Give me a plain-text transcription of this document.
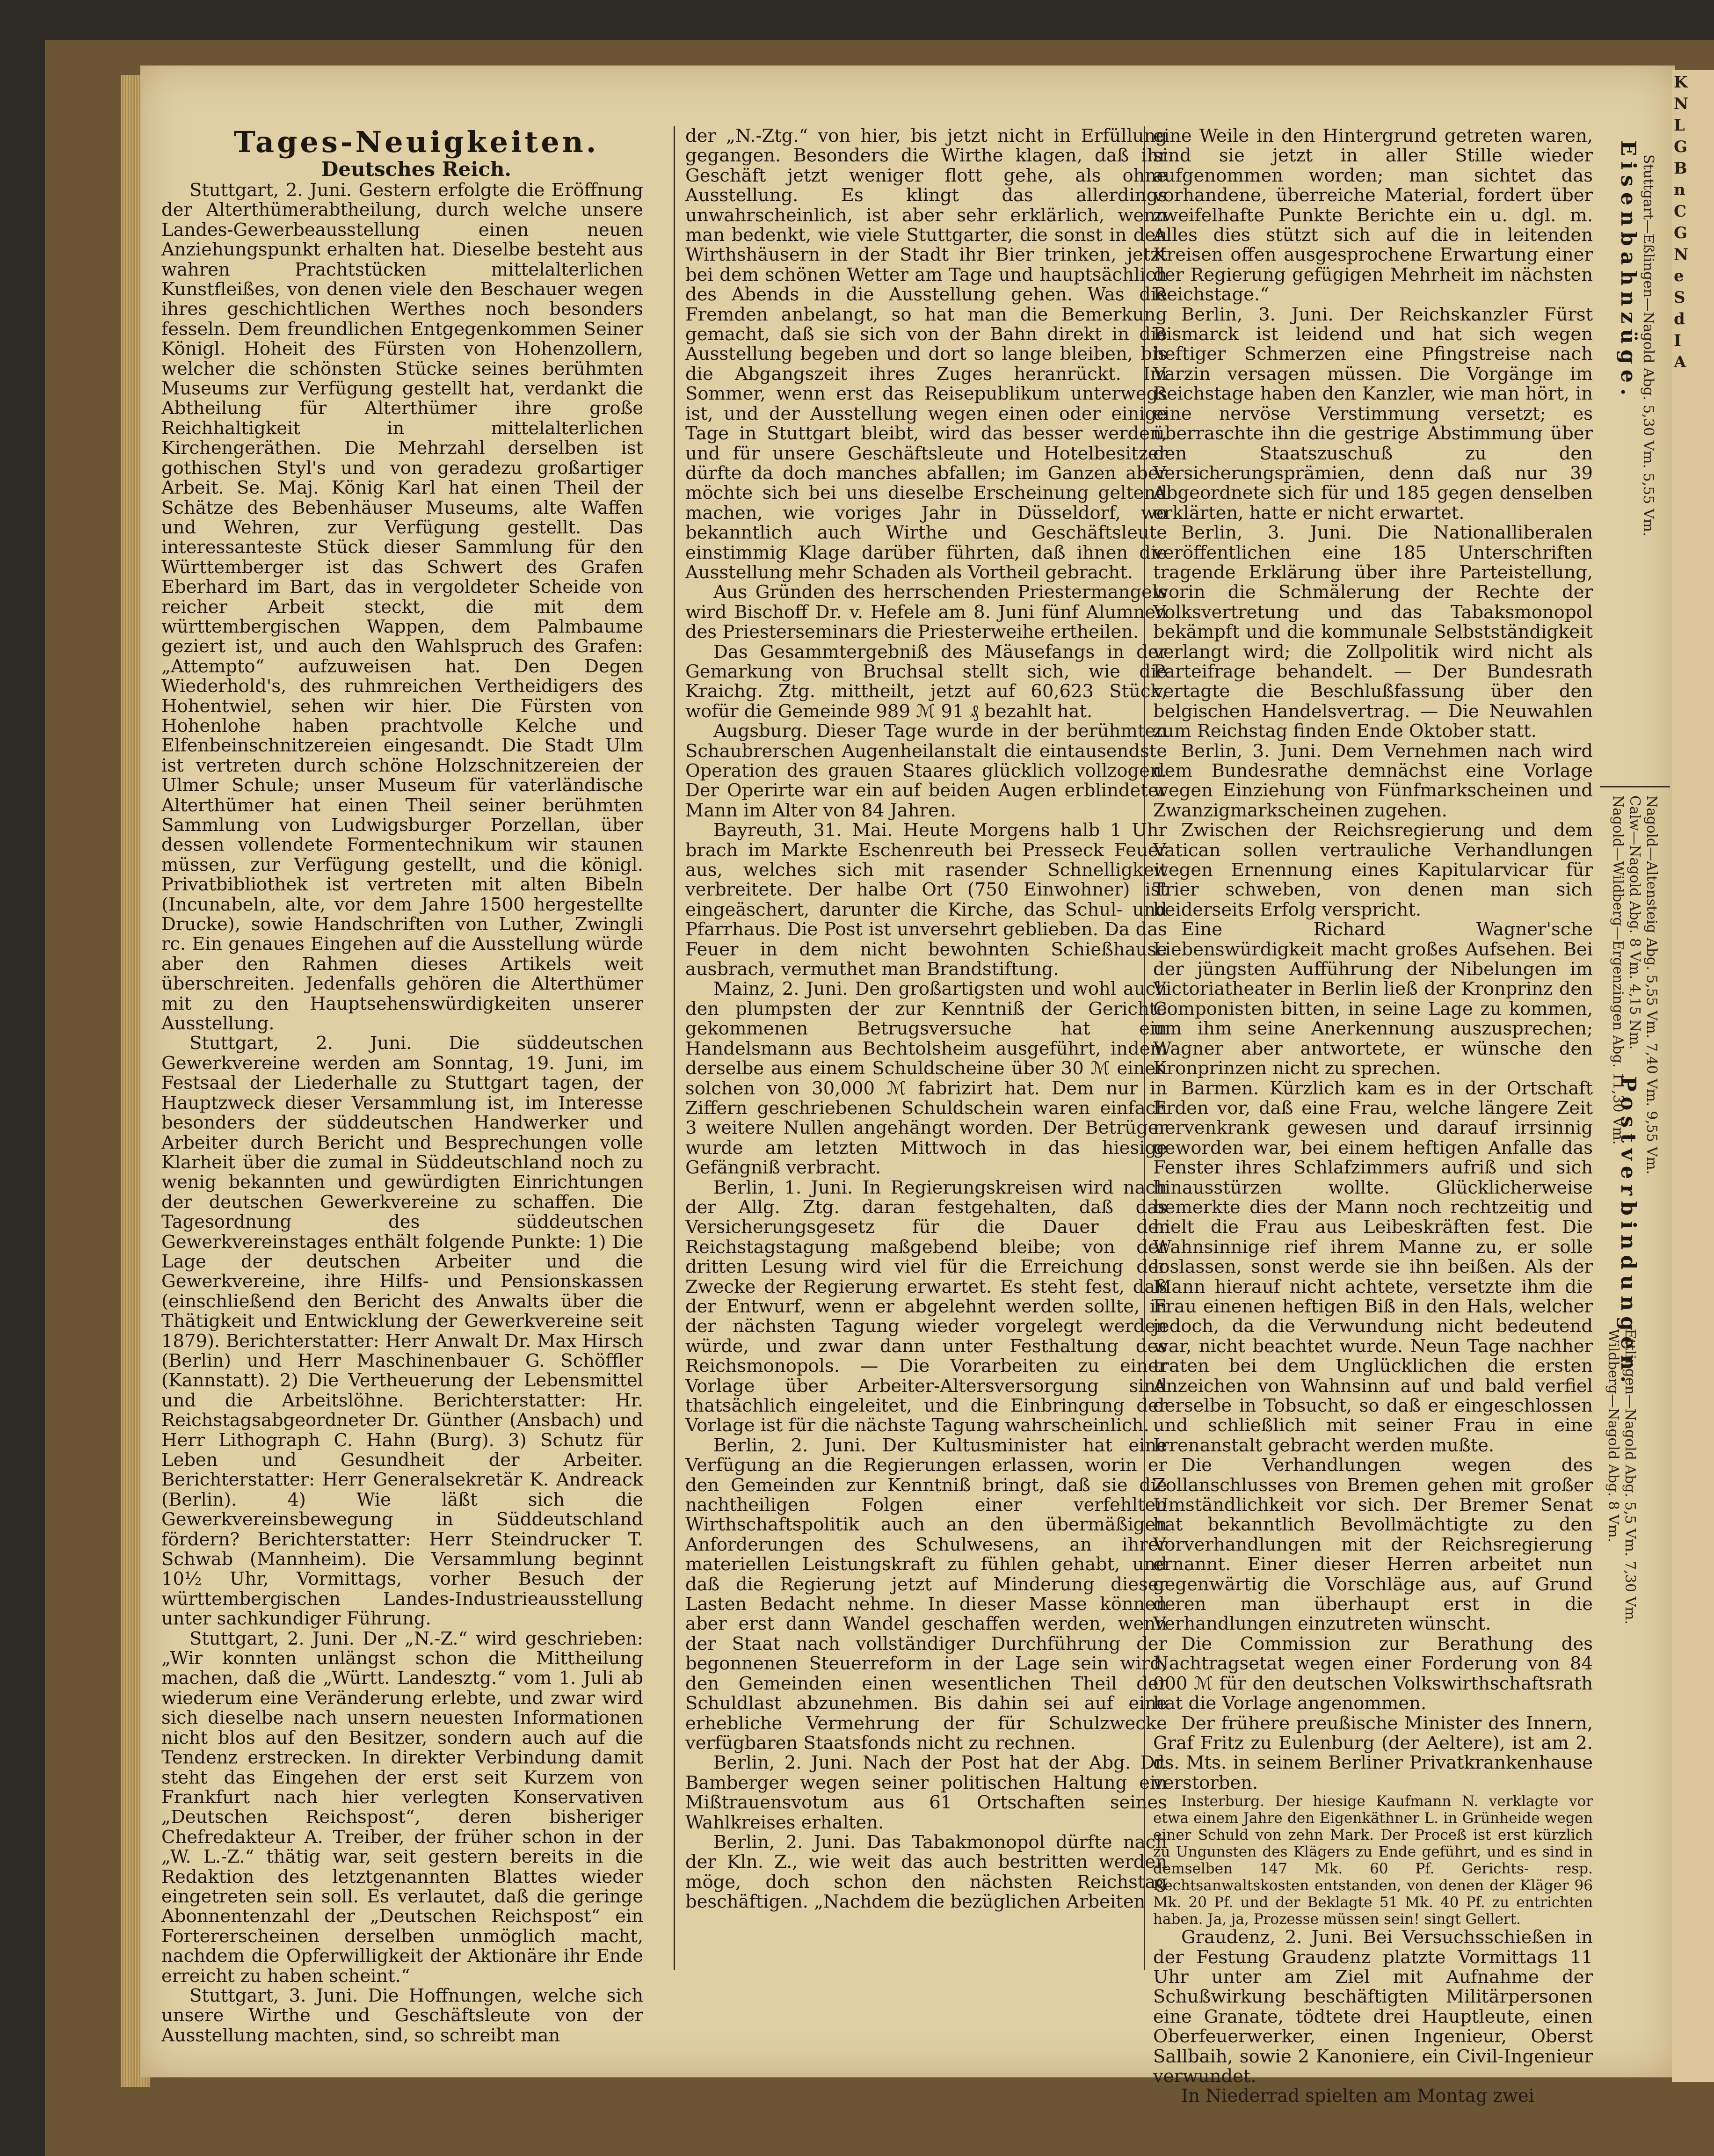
Tages-Neuigkeiten.

Deutsches Reich.

Stuttgart, 2. Juni. Gestern erfolgte die Eröffnung der Alterthümerabtheilung, durch welche unsere Landes-Gewerbeausstellung einen neuen Anziehungspunkt erhalten hat. Dieselbe besteht aus wahren Prachtstücken mittelalterlichen Kunstfleißes, von denen viele den Beschauer wegen ihres geschichtlichen Werthes noch besonders fesseln. Dem freundlichen Entgegenkommen Seiner Königl. Hoheit des Fürsten von Hohenzollern, welcher die schönsten Stücke seines berühmten Museums zur Verfügung gestellt hat, verdankt die Abtheilung für Alterthümer ihre große Reichhaltigkeit in mittelalterlichen Kirchengeräthen. Die Mehrzahl derselben ist gothischen Styl's und von geradezu großartiger Arbeit. Se. Maj. König Karl hat einen Theil der Schätze des Bebenhäuser Museums, alte Waffen und Wehren, zur Verfügung gestellt. Das interessanteste Stück dieser Sammlung für den Württemberger ist das Schwert des Grafen Eberhard im Bart, das in vergoldeter Scheide von reicher Arbeit steckt, die mit dem württembergischen Wappen, dem Palmbaume geziert ist, und auch den Wahlspruch des Grafen: „Attempto“ aufzuweisen hat. Den Degen Wiederhold's, des ruhmreichen Vertheidigers des Hohentwiel, sehen wir hier. Die Fürsten von Hohenlohe haben prachtvolle Kelche und Elfenbeinschnitzereien eingesandt. Die Stadt Ulm ist vertreten durch schöne Holzschnitzereien der Ulmer Schule; unser Museum für vaterländische Alterthümer hat einen Theil seiner berühmten Sammlung von Ludwigsburger Porzellan, über dessen vollendete Formentechnikum wir staunen müssen, zur Verfügung gestellt, und die königl. Privatbibliothek ist vertreten mit alten Bibeln (Incunabeln, alte, vor dem Jahre 1500 hergestellte Drucke), sowie Handschriften von Luther, Zwingli rc. Ein genaues Eingehen auf die Ausstellung würde aber den Rahmen dieses Artikels weit überschreiten. Jedenfalls gehören die Alterthümer mit zu den Hauptsehenswürdigkeiten unserer Ausstellung.

Stuttgart, 2. Juni. Die süddeutschen Gewerkvereine werden am Sonntag, 19. Juni, im Festsaal der Liederhalle zu Stuttgart tagen, der Hauptzweck dieser Versammlung ist, im Interesse besonders der süddeutschen Handwerker und Arbeiter durch Bericht und Besprechungen volle Klarheit über die zumal in Süddeutschland noch zu wenig bekannten und gewürdigten Einrichtungen der deutschen Gewerkvereine zu schaffen. Die Tagesordnung des süddeutschen Gewerkvereinstages enthält folgende Punkte: 1) Die Lage der deutschen Arbeiter und die Gewerkvereine, ihre Hilfs- und Pensionskassen (einschließend den Bericht des Anwalts über die Thätigkeit und Entwicklung der Gewerkvereine seit 1879). Berichterstatter: Herr Anwalt Dr. Max Hirsch (Berlin) und Herr Maschinenbauer G. Schöffler (Kannstatt). 2) Die Vertheuerung der Lebensmittel und die Arbeitslöhne. Berichterstatter: Hr. Reichstagsabgeordneter Dr. Günther (Ansbach) und Herr Lithograph C. Hahn (Burg). 3) Schutz für Leben und Gesundheit der Arbeiter. Berichterstatter: Herr Generalsekretär K. Andreack (Berlin). 4) Wie läßt sich die Gewerkvereinsbewegung in Süddeutschland fördern? Berichterstatter: Herr Steindrucker T. Schwab (Mannheim). Die Versammlung beginnt 10½ Uhr, Vormittags, vorher Besuch der württembergischen Landes-Industrieausstellung unter sachkundiger Führung.

Stuttgart, 2. Juni. Der „N.-Z.“ wird geschrieben: „Wir konnten unlängst schon die Mittheilung machen, daß die „Württ. Landesztg.“ vom 1. Juli ab wiederum eine Veränderung erlebte, und zwar wird sich dieselbe nach unsern neuesten Informationen nicht blos auf den Besitzer, sondern auch auf die Tendenz erstrecken. In direkter Verbindung damit steht das Eingehen der erst seit Kurzem von Frankfurt nach hier verlegten Konservativen „Deutschen Reichspost“, deren bisheriger Chefredakteur A. Treiber, der früher schon in der „W. L.-Z.“ thätig war, seit gestern bereits in die Redaktion des letztgenannten Blattes wieder eingetreten sein soll. Es verlautet, daß die geringe Abonnentenzahl der „Deutschen Reichspost“ ein Fortererscheinen derselben unmöglich macht, nachdem die Opferwilligkeit der Aktionäre ihr Ende erreicht zu haben scheint.“

Stuttgart, 3. Juni. Die Hoffnungen, welche sich unsere Wirthe und Geschäftsleute von der Ausstellung machten, sind, so schreibt man

der „N.-Ztg.“ von hier, bis jetzt nicht in Erfüllung gegangen. Besonders die Wirthe klagen, daß ihr Geschäft jetzt weniger flott gehe, als ohne Ausstellung. Es klingt das allerdings unwahrscheinlich, ist aber sehr erklärlich, wenn man bedenkt, wie viele Stuttgarter, die sonst in den Wirthshäusern in der Stadt ihr Bier trinken, jetzt bei dem schönen Wetter am Tage und hauptsächlich des Abends in die Ausstellung gehen. Was die Fremden anbelangt, so hat man die Bemerkung gemacht, daß sie sich von der Bahn direkt in die Ausstellung begeben und dort so lange bleiben, bis die Abgangszeit ihres Zuges heranrückt. Im Sommer, wenn erst das Reisepublikum unterwegs ist, und der Ausstellung wegen einen oder einige Tage in Stuttgart bleibt, wird das besser werden, und für unsere Geschäftsleute und Hotelbesitzer dürfte da doch manches abfallen; im Ganzen aber möchte sich bei uns dieselbe Erscheinung geltend machen, wie voriges Jahr in Düsseldorf, wo bekanntlich auch Wirthe und Geschäftsleute einstimmig Klage darüber führten, daß ihnen die Ausstellung mehr Schaden als Vortheil gebracht.

Aus Gründen des herrschenden Priestermangels wird Bischoff Dr. v. Hefele am 8. Juni fünf Alumnen des Priesterseminars die Priesterweihe ertheilen.

Das Gesammtergebniß des Mäusefangs in der Gemarkung von Bruchsal stellt sich, wie die Kraichg. Ztg. mittheilt, jetzt auf 60,623 Stück, wofür die Gemeinde 989 ℳ 91 ₰ bezahlt hat.

Augsburg. Dieser Tage wurde in der berühmten Schaubrerschen Augenheilanstalt die eintausendste Operation des grauen Staares glücklich vollzogen. Der Operirte war ein auf beiden Augen erblindeter Mann im Alter von 84 Jahren.

Bayreuth, 31. Mai. Heute Morgens halb 1 Uhr brach im Markte Eschenreuth bei Presseck Feuer aus, welches sich mit rasender Schnelligkeit verbreitete. Der halbe Ort (750 Einwohner) ist eingeäschert, darunter die Kirche, das Schul- und Pfarrhaus. Die Post ist unversehrt geblieben. Da das Feuer in dem nicht bewohnten Schießhause ausbrach, vermuthet man Brandstiftung.

Mainz, 2. Juni. Den großartigsten und wohl auch den plumpsten der zur Kenntniß der Gerichte gekommenen Betrugsversuche hat ein Handelsmann aus Bechtolsheim ausgeführt, indem derselbe aus einem Schuldscheine über 30 ℳ einen solchen von 30,000 ℳ fabrizirt hat. Dem nur in Ziffern geschriebenen Schuldschein waren einfach 3 weitere Nullen angehängt worden. Der Betrüger wurde am letzten Mittwoch in das hiesige Gefängniß verbracht.

Berlin, 1. Juni. In Regierungskreisen wird nach der Allg. Ztg. daran festgehalten, daß das Versicherungsgesetz für die Dauer der Reichstagstagung maßgebend bleibe; von der dritten Lesung wird viel für die Erreichung der Zwecke der Regierung erwartet. Es steht fest, daß der Entwurf, wenn er abgelehnt werden sollte, in der nächsten Tagung wieder vorgelegt werden würde, und zwar dann unter Festhaltung des Reichsmonopols. — Die Vorarbeiten zu einer Vorlage über Arbeiter-Altersversorgung sind thatsächlich eingeleitet, und die Einbringung der Vorlage ist für die nächste Tagung wahrscheinlich.

Berlin, 2. Juni. Der Kultusminister hat eine Verfügung an die Regierungen erlassen, worin er den Gemeinden zur Kenntniß bringt, daß sie die nachtheiligen Folgen einer verfehlten Wirthschaftspolitik auch an den übermäßigen Anforderungen des Schulwesens, an ihrer materiellen Leistungskraft zu fühlen gehabt, und daß die Regierung jetzt auf Minderung dieser Lasten Bedacht nehme. In dieser Masse können aber erst dann Wandel geschaffen werden, wenn der Staat nach vollständiger Durchführung der begonnenen Steuerreform in der Lage sein wird, den Gemeinden einen wesentlichen Theil der Schuldlast abzunehmen. Bis dahin sei auf eine erhebliche Vermehrung der für Schulzwecke verfügbaren Staatsfonds nicht zu rechnen.

Berlin, 2. Juni. Nach der Post hat der Abg. Dr. Bamberger wegen seiner politischen Haltung ein Mißtrauensvotum aus 61 Ortschaften seines Wahlkreises erhalten.

Berlin, 2. Juni. Das Tabakmonopol dürfte nach der Kln. Z., wie weit das auch bestritten werden möge, doch schon den nächsten Reichstag beschäftigen. „Nachdem die bezüglichen Arbeiten

eine Weile in den Hintergrund getreten waren, sind sie jetzt in aller Stille wieder aufgenommen worden; man sichtet das vorhandene, überreiche Material, fordert über zweifelhafte Punkte Berichte ein u. dgl. m. Alles dies stützt sich auf die in leitenden Kreisen offen ausgesprochene Erwartung einer der Regierung gefügigen Mehrheit im nächsten Reichstage.“

Berlin, 3. Juni. Der Reichskanzler Fürst Bismarck ist leidend und hat sich wegen heftiger Schmerzen eine Pfingstreise nach Varzin versagen müssen. Die Vorgänge im Reichstage haben den Kanzler, wie man hört, in eine nervöse Verstimmung versetzt; es überraschte ihn die gestrige Abstimmung über den Staatszuschuß zu den Versicherungsprämien, denn daß nur 39 Abgeordnete sich für und 185 gegen denselben erklärten, hatte er nicht erwartet.

Berlin, 3. Juni. Die Nationalliberalen veröffentlichen eine 185 Unterschriften tragende Erklärung über ihre Parteistellung, worin die Schmälerung der Rechte der Volksvertretung und das Tabaksmonopol bekämpft und die kommunale Selbstständigkeit verlangt wird; die Zollpolitik wird nicht als Parteifrage behandelt. — Der Bundesrath vertagte die Beschlußfassung über den belgischen Handelsvertrag. — Die Neuwahlen zum Reichstag finden Ende Oktober statt.

Berlin, 3. Juni. Dem Vernehmen nach wird dem Bundesrathe demnächst eine Vorlage wegen Einziehung von Fünfmarkscheinen und Zwanzigmarkscheinen zugehen.

Zwischen der Reichsregierung und dem Vatican sollen vertrauliche Verhandlungen wegen Ernennung eines Kapitularvicar für Trier schweben, von denen man sich beiderseits Erfolg verspricht.

Eine Richard Wagner'sche Liebenswürdigkeit macht großes Aufsehen. Bei der jüngsten Aufführung der Nibelungen im Victoriatheater in Berlin ließ der Kronprinz den Componisten bitten, in seine Lage zu kommen, um ihm seine Anerkennung auszusprechen; Wagner aber antwortete, er wünsche den Kronprinzen nicht zu sprechen.

Barmen. Kürzlich kam es in der Ortschaft Erden vor, daß eine Frau, welche längere Zeit nervenkrank gewesen und darauf irrsinnig geworden war, bei einem heftigen Anfalle das Fenster ihres Schlafzimmers aufriß und sich hinausstürzen wollte. Glücklicherweise bemerkte dies der Mann noch rechtzeitig und hielt die Frau aus Leibeskräften fest. Die Wahnsinnige rief ihrem Manne zu, er solle loslassen, sonst werde sie ihn beißen. Als der Mann hierauf nicht achtete, versetzte ihm die Frau einenen heftigen Biß in den Hals, welcher jedoch, da die Verwundung nicht bedeutend war, nicht beachtet wurde. Neun Tage nachher traten bei dem Unglücklichen die ersten Anzeichen von Wahnsinn auf und bald verfiel derselbe in Tobsucht, so daß er eingeschlossen und schließlich mit seiner Frau in eine Irrenanstalt gebracht werden mußte.

Die Verhandlungen wegen des Zollanschlusses von Bremen gehen mit großer Umständlichkeit vor sich. Der Bremer Senat hat bekanntlich Bevollmächtigte zu den Vorverhandlungen mit der Reichsregierung ernannt. Einer dieser Herren arbeitet nun gegenwärtig die Vorschläge aus, auf Grund deren man überhaupt erst in die Verhandlungen einzutreten wünscht.

Die Commission zur Berathung des Nachtragsetat wegen einer Forderung von 84 000 ℳ für den deutschen Volkswirthschaftsrath hat die Vorlage angenommen.

Der frühere preußische Minister des Innern, Graf Fritz zu Eulenburg (der Aeltere), ist am 2. ds. Mts. in seinem Berliner Privatkrankenhause verstorben.

Insterburg. Der hiesige Kaufmann N. verklagte vor etwa einem Jahre den Eigenkäthner L. in Grünheide wegen einer Schuld von zehn Mark. Der Proceß ist erst kürzlich zu Ungunsten des Klägers zu Ende geführt, und es sind in demselben 147 Mk. 60 Pf. Gerichts- resp. Rechtsanwaltskosten entstanden, von denen der Kläger 96 Mk. 20 Pf. und der Beklagte 51 Mk. 40 Pf. zu entrichten haben. Ja, ja, Prozesse müssen sein! singt Gellert.

Graudenz, 2. Juni. Bei Versuchsschießen in der Festung Graudenz platzte Vormittags 11 Uhr unter am Ziel mit Aufnahme der Schußwirkung beschäftigten Militärpersonen eine Granate, tödtete drei Hauptleute, einen Oberfeuerwerker, einen Ingenieur, Oberst Sallbaih, sowie 2 Kanoniere, ein Civil-Ingenieur verwundet.

In Niederrad spielten am Montag zwei

Eisenbahnzüge. Stuttgart—Eßlingen—Nagold Abg. 5,30 Vm. 5,55 Vm.
Nagold—Altensteig Abg. 5,55 Vm. 7,40 Vm. 9,55 Vm.
Calw—Nagold Abg. 8 Vm. 4,15 Nm.
Nagold—Wildberg—Ergenzingen Abg. 11,30 Vm.
Postverbindungen.
Ettlingen—Nagold Abg. 5,5 Vm. 7,30 Vm.
Wildberg—Nagold Abg. 8 Vm.
K
N
L
G
B
n
C
G
N
e
S
d
I
A
